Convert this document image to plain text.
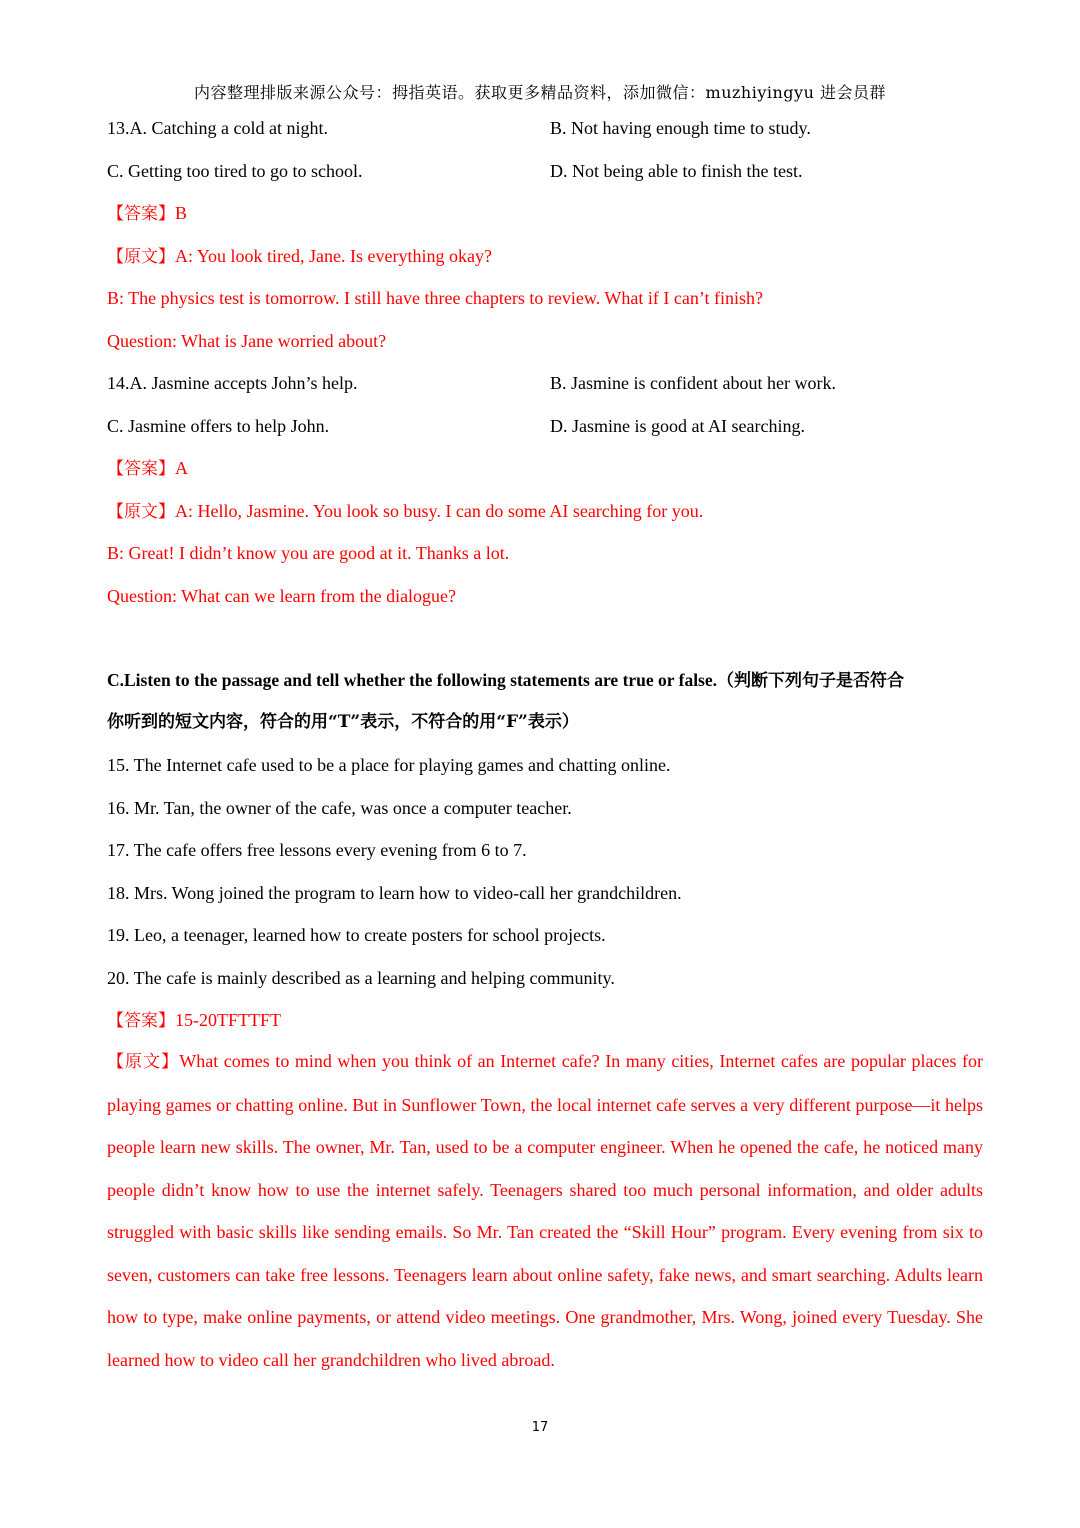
内容整理排版来源公众号：拇指英语。获取更多精品资料，添加微信：muzhiyingyu 进会员群
13.A. Catching a cold at night.	B. Not having enough time to study.
C. Getting too tired to go to school.	D. Not being able to finish the test.
【答案】B
【原文】A: You look tired, Jane. Is everything okay?
B: The physics test is tomorrow. I still have three chapters to review. What if I can’t finish?
Question: What is Jane worried about?
14.A. Jasmine accepts John’s help.	B. Jasmine is confident about her work.
C. Jasmine offers to help John.	D. Jasmine is good at AI searching.
【答案】A
【原文】A: Hello, Jasmine. You look so busy. I can do some AI searching for you.
B: Great! I didn’t know you are good at it. Thanks a lot.
Question: What can we learn from the dialogue?
C.Listen to the passage and tell whether the following statements are true or false.（判断下列句子是否符合
你听到的短文内容，符合的用“T”表示，不符合的用“F”表示）
15. The Internet cafe used to be a place for playing games and chatting online.
16. Mr. Tan, the owner of the cafe, was once a computer teacher.
17. The cafe offers free lessons every evening from 6 to 7.
18. Mrs. Wong joined the program to learn how to video-call her grandchildren.
19. Leo, a teenager, learned how to create posters for school projects.
20. The cafe is mainly described as a learning and helping community.
【答案】15-20TFTTFT
【原文】What comes to mind when you think of an Internet cafe? In many cities, Internet cafes are popular places for playing games or chatting online. But in Sunflower Town, the local internet cafe serves a very different purpose—it helps people learn new skills. The owner, Mr. Tan, used to be a computer engineer. When he opened the cafe, he noticed many people didn’t know how to use the internet safely. Teenagers shared too much personal information, and older adults struggled with basic skills like sending emails. So Mr. Tan created the “Skill Hour” program. Every evening from six to seven, customers can take free lessons. Teenagers learn about online safety, fake news, and smart searching. Adults learn how to type, make online payments, or attend video meetings. One grandmother, Mrs. Wong, joined every Tuesday. She learned how to video call her grandchildren who lived abroad.
17
